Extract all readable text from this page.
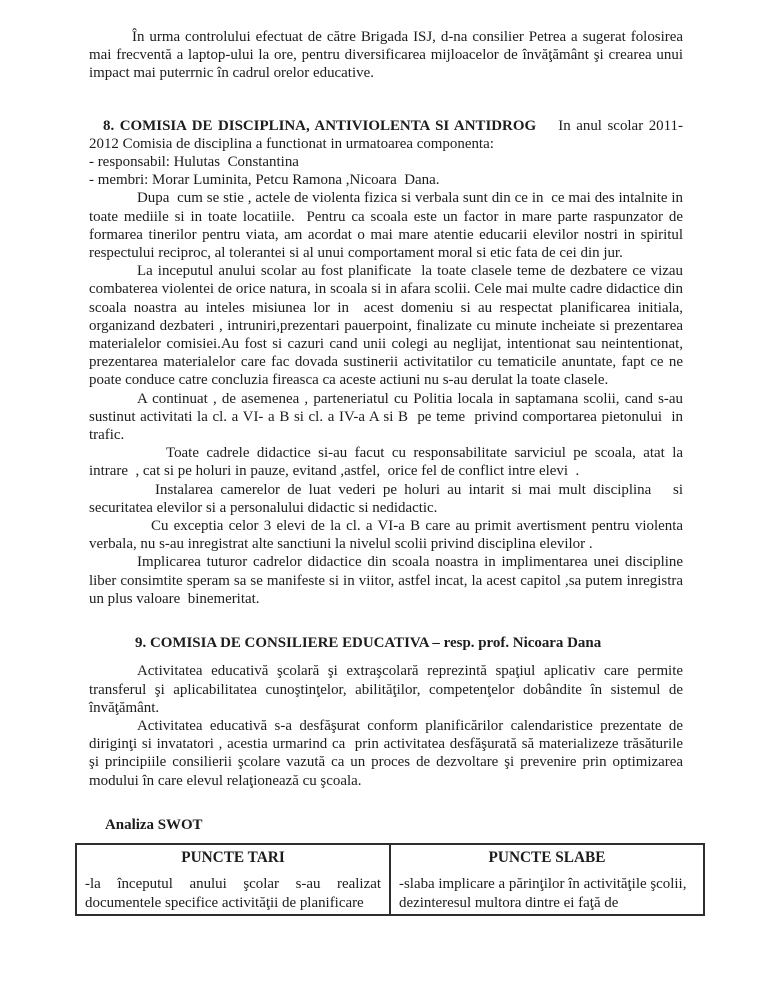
În urma controlului efectuat de către Brigada ISJ, d-na consilier Petrea a sugerat folosirea mai frecventă a laptop-ului la ore, pentru diversificarea mijloacelor de învăţământ şi crearea unui impact mai puterrnic în cadrul orelor educative.

8. COMISIA DE DISCIPLINA, ANTIVIOLENTA SI ANTIDROG    In anul scolar 2011-2012 Comisia de disciplina a functionat in urmatoarea componenta:

- responsabil: Hulutas  Constantina

- membri: Morar Luminita, Petcu Ramona ,Nicoara  Dana.

Dupa  cum se stie , actele de violenta fizica si verbala sunt din ce in  ce mai des intalnite in toate mediile si in toate locatiile.  Pentru ca scoala este un factor in mare parte raspunzator de formarea tinerilor pentru viata, am acordat o mai mare atentie educarii elevilor nostri in spiritul respectului reciproc, al tolerantei si al unui comportament moral si etic fata de cei din jur.

La inceputul anului scolar au fost planificate  la toate clasele teme de dezbatere ce vizau combaterea violentei de orice natura, in scoala si in afara scolii. Cele mai multe cadre didactice din scoala noastra au inteles misiunea lor in  acest domeniu si au respectat planificarea initiala, organizand dezbateri , intruniri,prezentari pauerpoint, finalizate cu minute incheiate si prezentarea materialelor comisiei.Au fost si cazuri cand unii colegi au neglijat, intentionat sau neintentionat, prezentarea materialelor care fac dovada sustinerii activitatilor cu tematicile anuntate, fapt ce ne poate conduce catre concluzia fireasca ca aceste actiuni nu s-au derulat la toate clasele.

A continuat , de asemenea , parteneriatul cu Politia locala in saptamana scolii, cand s-au sustinut activitati la cl. a VI- a B si cl. a IV-a A si B  pe teme  privind comportarea pietonului  in trafic.

Toate cadrele didactice si-au facut cu responsabilitate sarviciul pe scoala, atat la intrare  , cat si pe holuri in pauze, evitand ,astfel,  orice fel de conflict intre elevi  .

Instalarea camerelor de luat vederi pe holuri au intarit si mai mult disciplina   si securitatea elevilor si a personalului didactic si nedidactic.

Cu exceptia celor 3 elevi de la cl. a VI-a B care au primit avertisment pentru violenta verbala, nu s-au inregistrat alte sanctiuni la nivelul scolii privind disciplina elevilor .

Implicarea tuturor cadrelor didactice din scoala noastra in implimentarea unei discipline liber consimtite speram sa se manifeste si in viitor, astfel incat, la acest capitol ,sa putem inregistra un plus valoare  binemeritat.

9. COMISIA DE CONSILIERE EDUCATIVA – resp. prof. Nicoara Dana

Activitatea educativă şcolară şi extraşcolară reprezintă spaţiul aplicativ care permite transferul şi aplicabilitatea cunoştinţelor, abilităţilor, competenţelor dobândite în sistemul de învăţământ.

Activitatea educativă s-a desfăşurat conform planificărilor calendaristice prezentate de diriginţi si invatatori , acestia urmarind ca  prin activitatea desfăşurată să materializeze trăsăturile şi principiile consilierii şcolare vazută ca un proces de dezvoltare şi prevenire prin optimizarea modului în care elevul relaţionează cu şcoala.

Analiza SWOT

PUNCTE TARI	PUNCTE SLABE
-la începutul anului şcolar s-au realizat documentele specifice activităţii de planificare	-slaba implicare a părinţilor în activităţile şcolii, dezinteresul multora dintre ei faţă de
